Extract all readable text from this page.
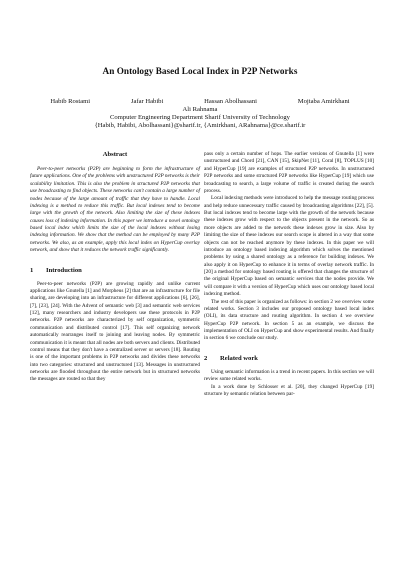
An Ontology Based Local Index in P2P Networks
Habib Rostami	Jafar Habibi	Hassan Abolhassani	Mojtaba Amirkhani
Ali Rahnama
Computer Engineering Department Sharif University of Technology
{Habib, Habibi, Abolhassani}@sharif.ir, {Amirkhani, ARahnama}@ce.sharif.ir
Abstract

Peer-to-peer networks (P2P) are beginning to form the infrastructure of future applications. One of the problems with unstructured P2P networks is their scalability limitation. This is also the problem in structured P2P networks that use broadcasting to find objects. These networks can't contain a large number of nodes because of the large amount of traffic that they have to handle. Local indexing is a method to reduce this traffic. But local indexes tend to become large with the growth of the network. Also limiting the size of these indexes causes loss of indexing information. In this paper we introduce a novel ontology based local index which limits the size of the local indexes without losing indexing information. We show that the method can be employed by many P2P networks. We also, as an example, apply this local index on HyperCup overlay network, and show that it reduces the network traffic significantly.

1 Introduction

Peer-to-peer networks (P2P) are growing rapidly and unlike current applications like Gnutella [1] and Morpheus [2] that are an infrastructure for file sharing, are developing into an infrastructure for different applications [6], [26],[7], [23], [24]. With the Advent of semantic web [3] and semantic web services [12], many researchers and industry developers use these protocols in P2P networks. P2P networks are characterized by self organization, symmetric communication and distributed control [17]. This self organizing network automatically rearranges itself to joining and leaving nodes. By symmetric communication it is meant that all nodes are both servers and clients. Distributed control means that they don't have a centralized server or servers [18]. Routing is one of the important problems in P2P networks and divides these networks into two categories: structured and unstructured [13]. Messages in unstructured networks are flooded throughout the entire network but in structured networks the messages are routed so that they

pass only a certain number of hops. The earlier versions of Gnutella [1] were unstructured and Chord [21], CAN [15], SkipNet [11], Coral [8], TOPLUS [10] and HyperCup [19] are examples of structured P2P networks. In unstructured P2P networks and some structured P2P networks like HyperCup [19] which use broadcasting to search, a large volume of traffic is created during the search process.

Local indexing methods were introduced to help the message routing process and help reduce unnecessary traffic caused by broadcasting algorithms [22], [5]. But local indexes tend to become large with the growth of the network because these indexes grow with respect to the objects present in the network. So as more objects are added to the network these indexes grow in size. Also by limiting the size of these indexes our search scope is altered in a way that some objects can not be reached anymore by these indexes. In this paper we will introduce an ontology based indexing algorithm which solves the mentioned problems by using a shared ontology as a reference for building indexes. We also apply it on HyperCup to enhance it in terms of overlay network traffic. In [20] a method for ontology based routing is offered that changes the structure of the original HyperCup based on semantic services that the nodes provide. We will compare it with a version of HyperCup which uses our ontology based local indexing method.

The rest of this paper is organized as follows: in section 2 we overview some related works. Section 3 includes our proposed ontology based local index (OLI), its data structure and routing algorithm. In section 4 we overview HyperCup P2P network. In section 5 as an example, we discuss the implementation of OLI on HyperCup and show experimental results. And finally in section 6 we conclude our study.

2 Related work

Using semantic information is a trend in recent papers. In this section we will review some related works.

In a work done by Schlosser et al. [20], they changed HyperCup [19] structure by semantic relation between par-
